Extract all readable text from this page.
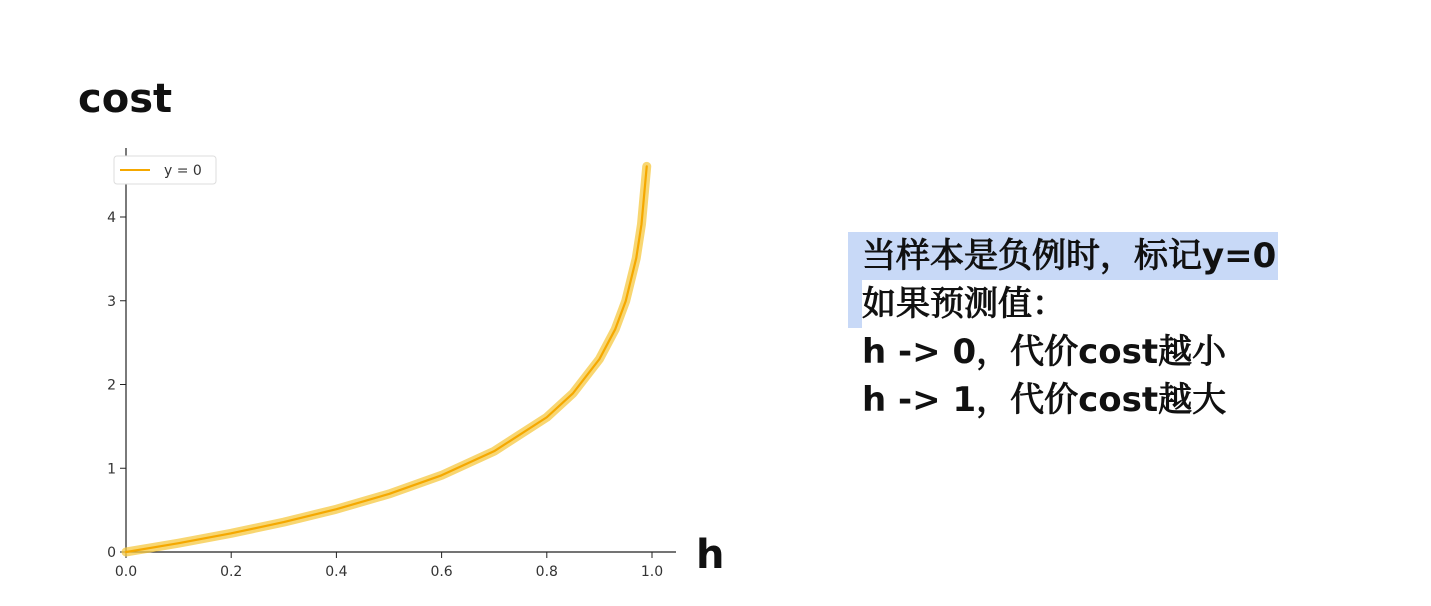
0
1
2
3
4
0.0	0.2	0.4	0.6	0.8	1.0
y = 0
cost
h
当样本是负例时，标记y=0
如果预测值：
h -> 0，代价cost越小
h -> 1，代价cost越大
